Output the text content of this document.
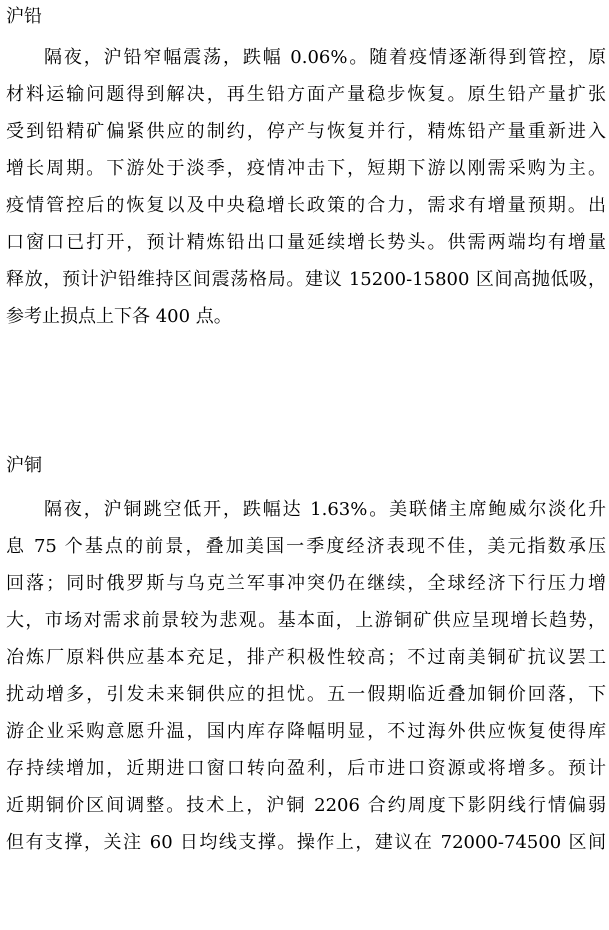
沪铅
隔夜，沪铅窄幅震荡，跌幅 0.06%。随着疫情逐渐得到管控，原
材料运输问题得到解决，再生铅方面产量稳步恢复。原生铅产量扩张
受到铅精矿偏紧供应的制约，停产与恢复并行，精炼铅产量重新进入
增长周期。下游处于淡季，疫情冲击下，短期下游以刚需采购为主。
疫情管控后的恢复以及中央稳增长政策的合力，需求有增量预期。出
口窗口已打开，预计精炼铅出口量延续增长势头。供需两端均有增量
释放，预计沪铅维持区间震荡格局。建议 15200-15800 区间高抛低吸，
参考止损点上下各 400 点。
沪铜
隔夜，沪铜跳空低开，跌幅达 1.63%。美联储主席鲍威尔淡化升
息 75 个基点的前景，叠加美国一季度经济表现不佳，美元指数承压
回落；同时俄罗斯与乌克兰军事冲突仍在继续，全球经济下行压力增
大，市场对需求前景较为悲观。基本面，上游铜矿供应呈现增长趋势，
冶炼厂原料供应基本充足，排产积极性较高；不过南美铜矿抗议罢工
扰动增多，引发未来铜供应的担忧。五一假期临近叠加铜价回落，下
游企业采购意愿升温，国内库存降幅明显，不过海外供应恢复使得库
存持续增加，近期进口窗口转向盈利，后市进口资源或将增多。预计
近期铜价区间调整。技术上，沪铜 2206 合约周度下影阴线行情偏弱
但有支撑，关注 60 日均线支撑。操作上，建议在 72000-74500 区间
